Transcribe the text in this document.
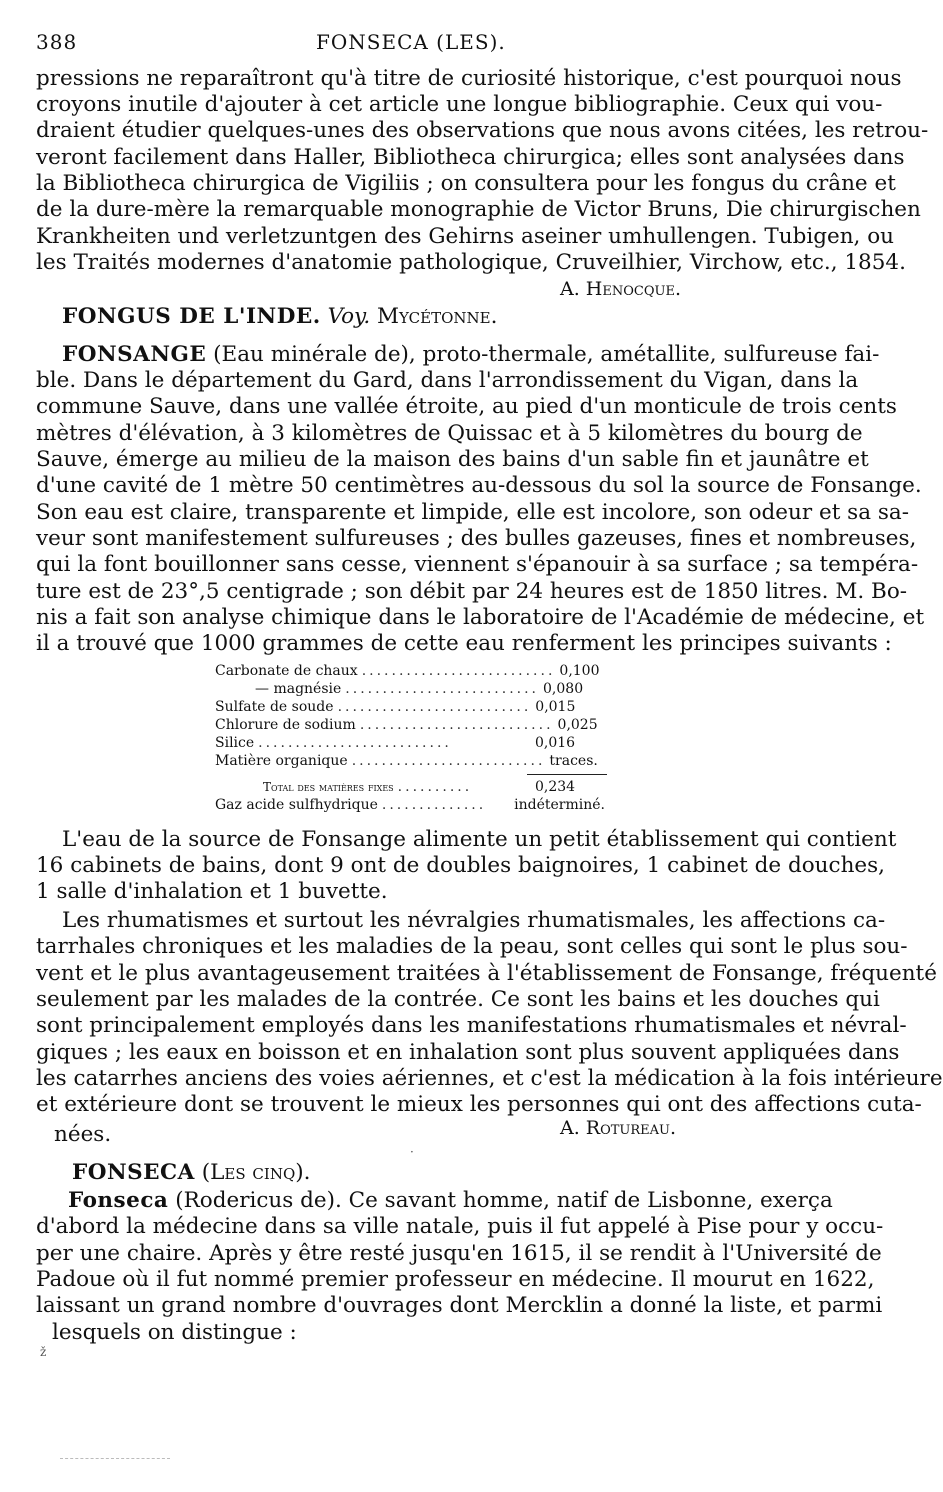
388	FONSECA (LES).
pressions ne reparaîtront qu'à titre de curiosité historique, c'est pourquoi nous
croyons inutile d'ajouter à cet article une longue bibliographie. Ceux qui vou-
draient étudier quelques-unes des observations que nous avons citées, les retrou-
veront facilement dans Haller, Bibliotheca chirurgica; elles sont analysées dans
la Bibliotheca chirurgica de Vigiliis ; on consultera pour les fongus du crâne et
de la dure-mère la remarquable monographie de Victor Bruns, Die chirurgischen
Krankheiten und verletzuntgen des Gehirns aseiner umhullengen. Tubigen, ou
les Traités modernes d'anatomie pathologique, Cruveilhier, Virchow, etc., 1854.
A. Henocque.
FONGUS DE L'INDE. Voy. Mycétonne.
FONSANGE (Eau minérale de), proto-thermale, amétallite, sulfureuse fai-
ble. Dans le département du Gard, dans l'arrondissement du Vigan, dans la
commune Sauve, dans une vallée étroite, au pied d'un monticule de trois cents
mètres d'élévation, à 3 kilomètres de Quissac et à 5 kilomètres du bourg de
Sauve, émerge au milieu de la maison des bains d'un sable fin et jaunâtre et
d'une cavité de 1 mètre 50 centimètres au-dessous du sol la source de Fonsange.
Son eau est claire, transparente et limpide, elle est incolore, son odeur et sa sa-
veur sont manifestement sulfureuses ; des bulles gazeuses, fines et nombreuses,
qui la font bouillonner sans cesse, viennent s'épanouir à sa surface ; sa tempéra-
ture est de 23°,5 centigrade ; son débit par 24 heures est de 1850 litres. M. Bo-
nis a fait son analyse chimique dans le laboratoire de l'Académie de médecine, et
il a trouvé que 1000 grammes de cette eau renferment les principes suivants :
Carbonate de chaux .......................... 0,100
— magnésie .......................... 0,080
Sulfate de soude .......................... 0,015
Chlorure de sodium .......................... 0,025
Silice ..........................	0,016
Matière organique .......................... traces.
Total des matières fixes ..........	0,234
Gaz acide sulfhydrique ..............	indéterminé.
L'eau de la source de Fonsange alimente un petit établissement qui contient
16 cabinets de bains, dont 9 ont de doubles baignoires, 1 cabinet de douches,
1 salle d'inhalation et 1 buvette.
Les rhumatismes et surtout les névralgies rhumatismales, les affections ca-
tarrhales chroniques et les maladies de la peau, sont celles qui sont le plus sou-
vent et le plus avantageusement traitées à l'établissement de Fonsange, fréquenté
seulement par les malades de la contrée. Ce sont les bains et les douches qui
sont principalement employés dans les manifestations rhumatismales et névral-
giques ; les eaux en boisson et en inhalation sont plus souvent appliquées dans
les catarrhes anciens des voies aériennes, et c'est la médication à la fois intérieure
et extérieure dont se trouvent le mieux les personnes qui ont des affections cuta-
nées.	A. Rotureau.
FONSECA (Les cinq).
Fonseca (Rodericus de). Ce savant homme, natif de Lisbonne, exerça
d'abord la médecine dans sa ville natale, puis il fut appelé à Pise pour y occu-
per une chaire. Après y être resté jusqu'en 1615, il se rendit à l'Université de
Padoue où il fut nommé premier professeur en médecine. Il mourut en 1622,
laissant un grand nombre d'ouvrages dont Mercklin a donné la liste, et parmi
lesquels on distingue :
ž
·
